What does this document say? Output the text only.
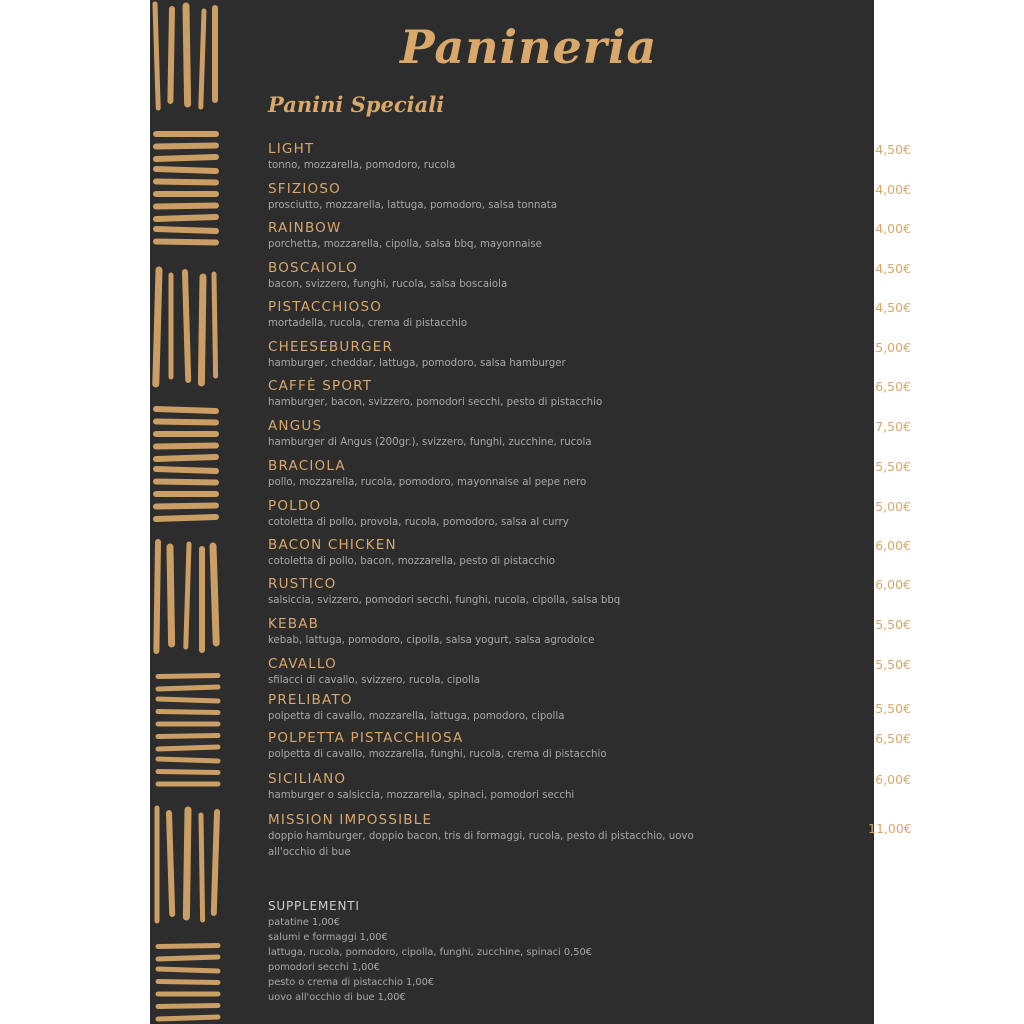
Panineria
Panini Speciali
LIGHT
tonno, mozzarella, pomodoro, rucola
4,50€
SFIZIOSO
prosciutto, mozzarella, lattuga, pomodoro, salsa tonnata
4,00€
RAINBOW
porchetta, mozzarella, cipolla, salsa bbq, mayonnaise
4,00€
BOSCAIOLO
bacon, svizzero, funghi, rucola, salsa boscaiola
4,50€
PISTACCHIOSO
mortadella, rucola, crema di pistacchio
4,50€
CHEESEBURGER
hamburger, cheddar, lattuga, pomodoro, salsa hamburger
5,00€
CAFFÈ SPORT
hamburger, bacon, svizzero, pomodori secchi, pesto di pistacchio
6,50€
ANGUS
hamburger di Angus (200gr.), svizzero, funghi, zucchine, rucola
7,50€
BRACIOLA
pollo, mozzarella, rucola, pomodoro, mayonnaise al pepe nero
5,50€
POLDO
cotoletta di pollo, provola, rucola, pomodoro, salsa al curry
5,00€
BACON CHICKEN
cotoletta di pollo, bacon, mozzarella, pesto di pistacchio
6,00€
RUSTICO
salsiccia, svizzero, pomodori secchi, funghi, rucola, cipolla, salsa bbq
6,00€
KEBAB
kebab, lattuga, pomodoro, cipolla, salsa yogurt, salsa agrodolce
5,50€
CAVALLO
sfilacci di cavallo, svizzero, rucola, cipolla
5,50€
PRELIBATO
polpetta di cavallo, mozzarella, lattuga, pomodoro, cipolla
5,50€
POLPETTA PISTACCHIOSA
polpetta di cavallo, mozzarella, funghi, rucola, crema di pistacchio
6,50€
SICILIANO
hamburger o salsiccia, mozzarella, spinaci, pomodori secchi
6,00€
MISSION IMPOSSIBLE
doppio hamburger, doppio bacon, tris di formaggi, rucola, pesto di pistacchio, uovo all'occhio di bue
11,00€
SUPPLEMENTI
patatine 1,00€
salumi e formaggi 1,00€
lattuga, rucola, pomodoro, cipolla, funghi, zucchine, spinaci 0,50€
pomodori secchi 1,00€
pesto o crema di pistacchio 1,00€
uovo all'occhio di bue 1,00€
